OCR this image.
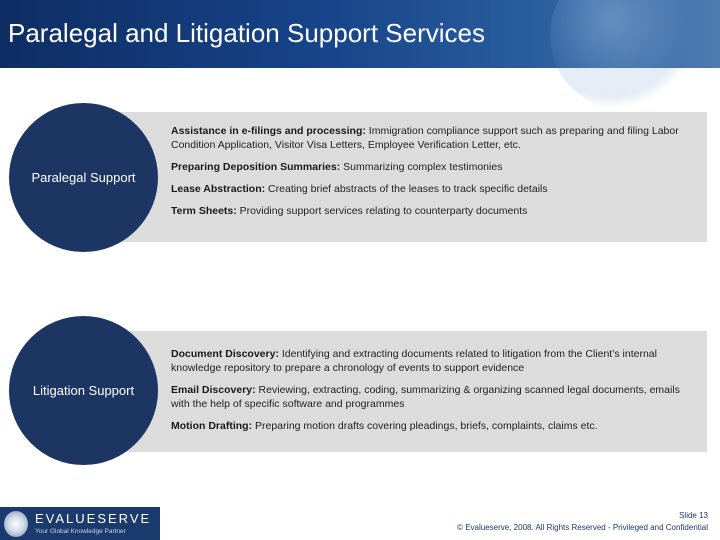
Paralegal and Litigation Support Services
Paralegal Support
Assistance in e-filings and processing: Immigration compliance support such as preparing and filing Labor Condition Application, Visitor Visa Letters, Employee Verification Letter, etc.
Preparing Deposition Summaries: Summarizing complex testimonies
Lease Abstraction: Creating brief abstracts of the leases to track specific details
Term Sheets: Providing support services relating to counterparty documents
Litigation Support
Document Discovery: Identifying and extracting documents related to litigation from the Client’s internal knowledge repository to prepare a chronology of events to support evidence
Email Discovery: Reviewing, extracting, coding, summarizing & organizing scanned legal documents, emails with the help of specific software and programmes
Motion Drafting: Preparing motion drafts covering pleadings, briefs, complaints, claims etc.
EVALUESERVE
Your Global Knowledge Partner
Slide 13
© Evalueserve, 2008. All Rights Reserved - Privileged and Confidential
